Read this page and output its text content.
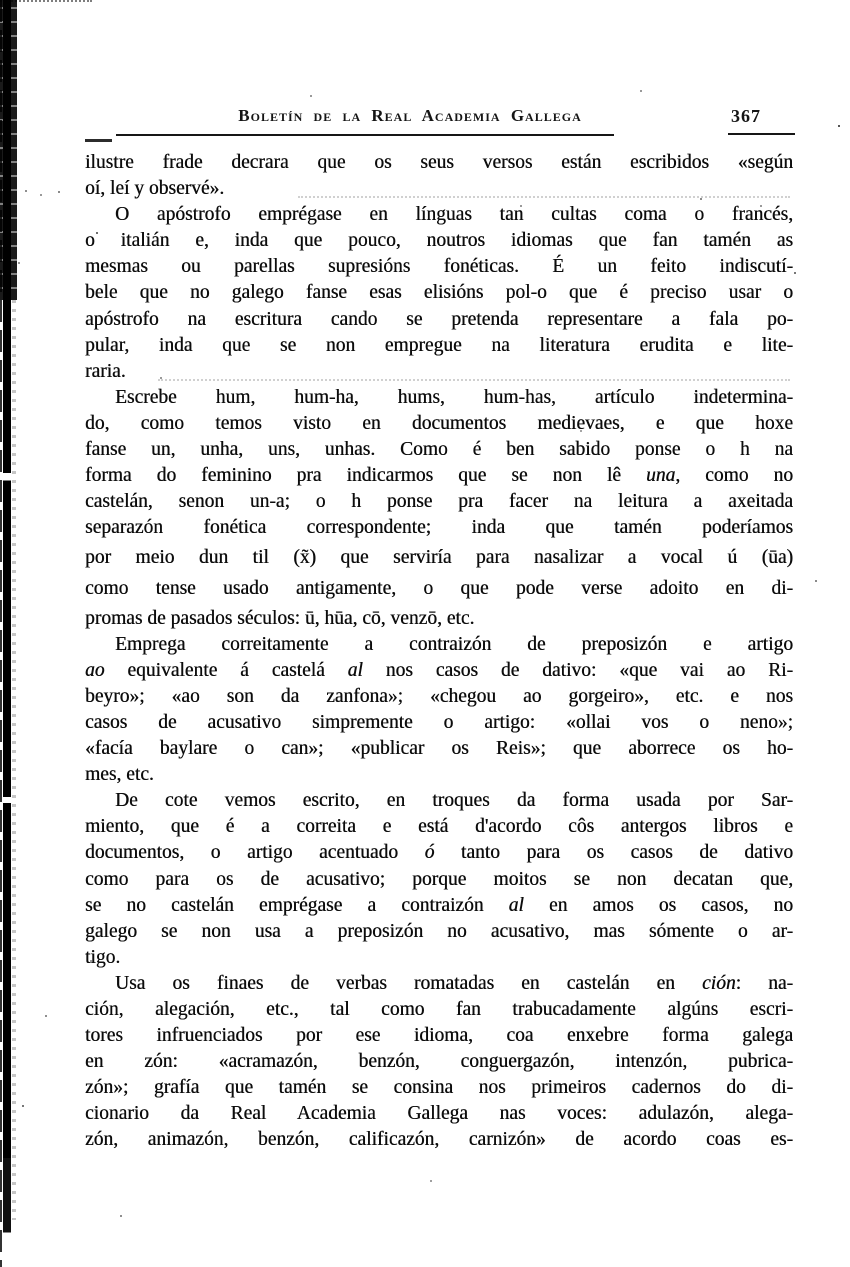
Boletín de la Real Academia Gallega	367

ilustre frade decrara que os seus versos están escribidos «según
oí, leí y observé».

O apóstrofo emprégase en línguas tan cultas coma o francés,
o italián e, inda que pouco, noutros idiomas que fan tamén as
mesmas ou parellas supresións fonéticas. É un feito indiscutí-
bele que no galego fanse esas elisións pol-o que é preciso usar o
apóstrofo na escritura cando se pretenda representare a fala po-
pular, inda que se non empregue na literatura erudita e lite-
raria.

Escrebe hum, hum-ha, hums, hum-has, artículo indetermina-
do, como temos visto en documentos medievaes, e que hoxe
fanse un, unha, uns, unhas. Como é ben sabido ponse o h na
forma do feminino pra indicarmos que se non lê una, como no
castelán, senon un-a; o h ponse pra facer na leitura a axeitada
separazón fonética correspondente; inda que tamén poderíamos
por meio dun til (x̃) que serviría para nasalizar a vocal ú (ūa)
como tense usado antigamente, o que pode verse adoito en di-
promas de pasados séculos: ū, hūa, cō, venzō, etc.

Emprega correitamente a contraizón de preposizón e artigo
ao equivalente á castelá al nos casos de dativo: «que vai ao Ri-
beyro»; «ao son da zanfona»; «chegou ao gorgeiro», etc. e nos
casos de acusativo simpremente o artigo: «ollai vos o neno»;
«facía baylare o can»; «publicar os Reis»; que aborrece os ho-
mes, etc.

De cote vemos escrito, en troques da forma usada por Sar-
miento, que é a correita e está d'acordo côs antergos libros e
documentos, o artigo acentuado ó tanto para os casos de dativo
como para os de acusativo; porque moitos se non decatan que,
se no castelán emprégase a contraizón al en amos os casos, no
galego se non usa a preposizón no acusativo, mas sómente o ar-
tigo.

Usa os finaes de verbas romatadas en castelán en ción: na-
ción, alegación, etc., tal como fan trabucadamente algúns escri-
tores infruenciados por ese idioma, coa enxebre forma galega
en zón: «acramazón, benzón, conguergazón, intenzón, pubrica-
zón»; grafía que tamén se consina nos primeiros cadernos do di-
cionario da Real Academia Gallega nas voces: adulazón, alega-
zón, animazón, benzón, calificazón, carnizón» de acordo coas es-
